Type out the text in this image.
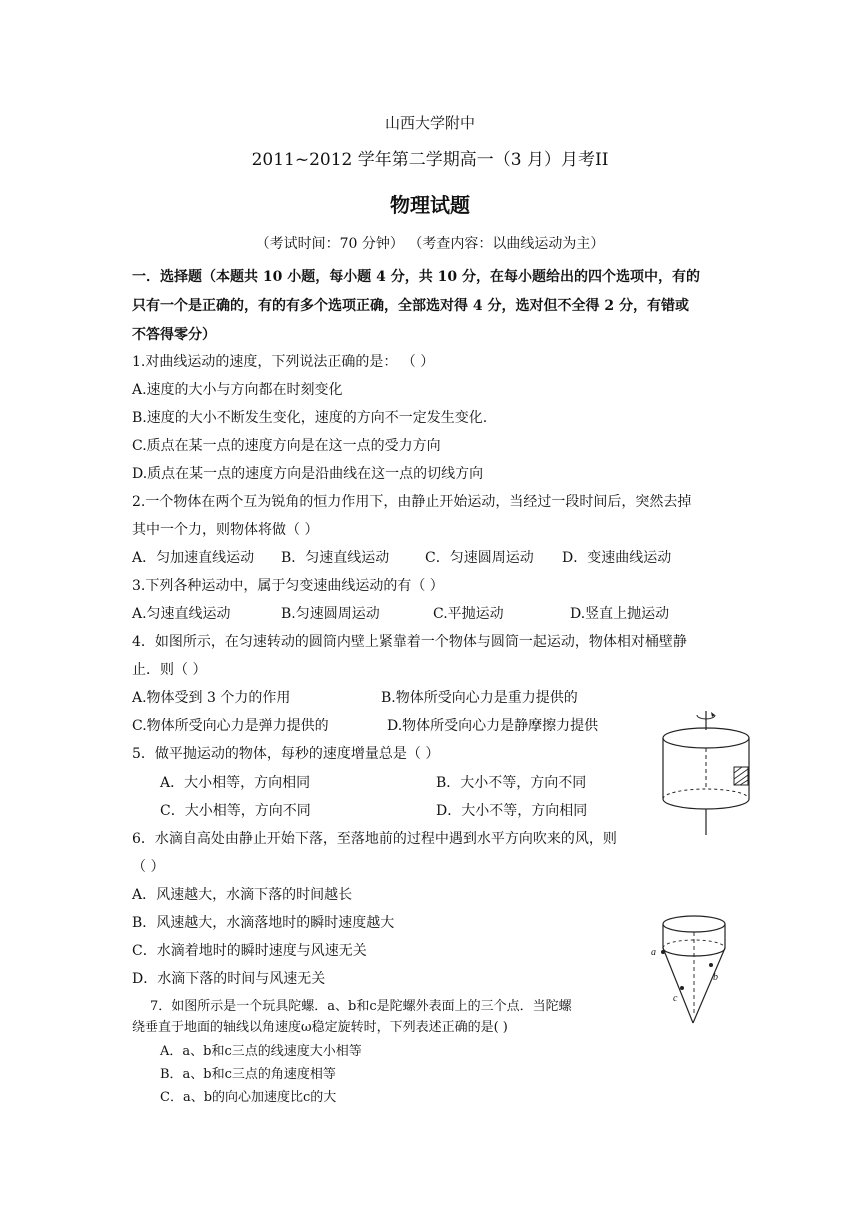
山西大学附中
2011~2012 学年第二学期高一（3 月）月考II
物理试题
（考试时间：70 分钟） （考查内容：以曲线运动为主）
一．选择题（本题共 10 小题，每小题 4 分，共 10 分，在每小题给出的四个选项中，有的
只有一个是正确的，有的有多个选项正确，全部选对得 4 分，选对但不全得 2 分，有错或
不答得零分）
1.对曲线运动的速度，下列说法正确的是： （ ）
A.速度的大小与方向都在时刻变化
B.速度的大小不断发生变化，速度的方向不一定发生变化.
C.质点在某一点的速度方向是在这一点的受力方向
D.质点在某一点的速度方向是沿曲线在这一点的切线方向
2.一个物体在两个互为锐角的恒力作用下，由静止开始运动，当经过一段时间后，突然去掉
其中一个力，则物体将做（ ）
A．匀加速直线运动 B．匀速直线运动	C．匀速圆周运动 D．变速曲线运动
3.下列各种运动中，属于匀变速曲线运动的有（ ）
A.匀速直线运动	B.匀速圆周运动	C.平抛运动	D.竖直上抛运动
4．如图所示，在匀速转动的圆筒内壁上紧靠着一个物体与圆筒一起运动，物体相对桶壁静
止．则（ ）
A.物体受到 3 个力的作用	B.物体所受向心力是重力提供的
C.物体所受向心力是弹力提供的	D.物体所受向心力是静摩擦力提供
5．做平抛运动的物体，每秒的速度增量总是（ ）
A．大小相等，方向相同	B．大小不等，方向不同
C．大小相等，方向不同	D．大小不等，方向相同
6．水滴自高处由静止开始下落，至落地前的过程中遇到水平方向吹来的风，则
（ ）
A．风速越大，水滴下落的时间越长
B．风速越大，水滴落地时的瞬时速度越大
C．水滴着地时的瞬时速度与风速无关
D．水滴下落的时间与风速无关
7．如图所示是一个玩具陀螺．a、b和c是陀螺外表面上的三个点．当陀螺
绕垂直于地面的轴线以角速度ω稳定旋转时，下列表述正确的是( )
A．a、b和c三点的线速度大小相等
B．a、b和c三点的角速度相等
C．a、b的向心加速度比c的大
a
b
c
